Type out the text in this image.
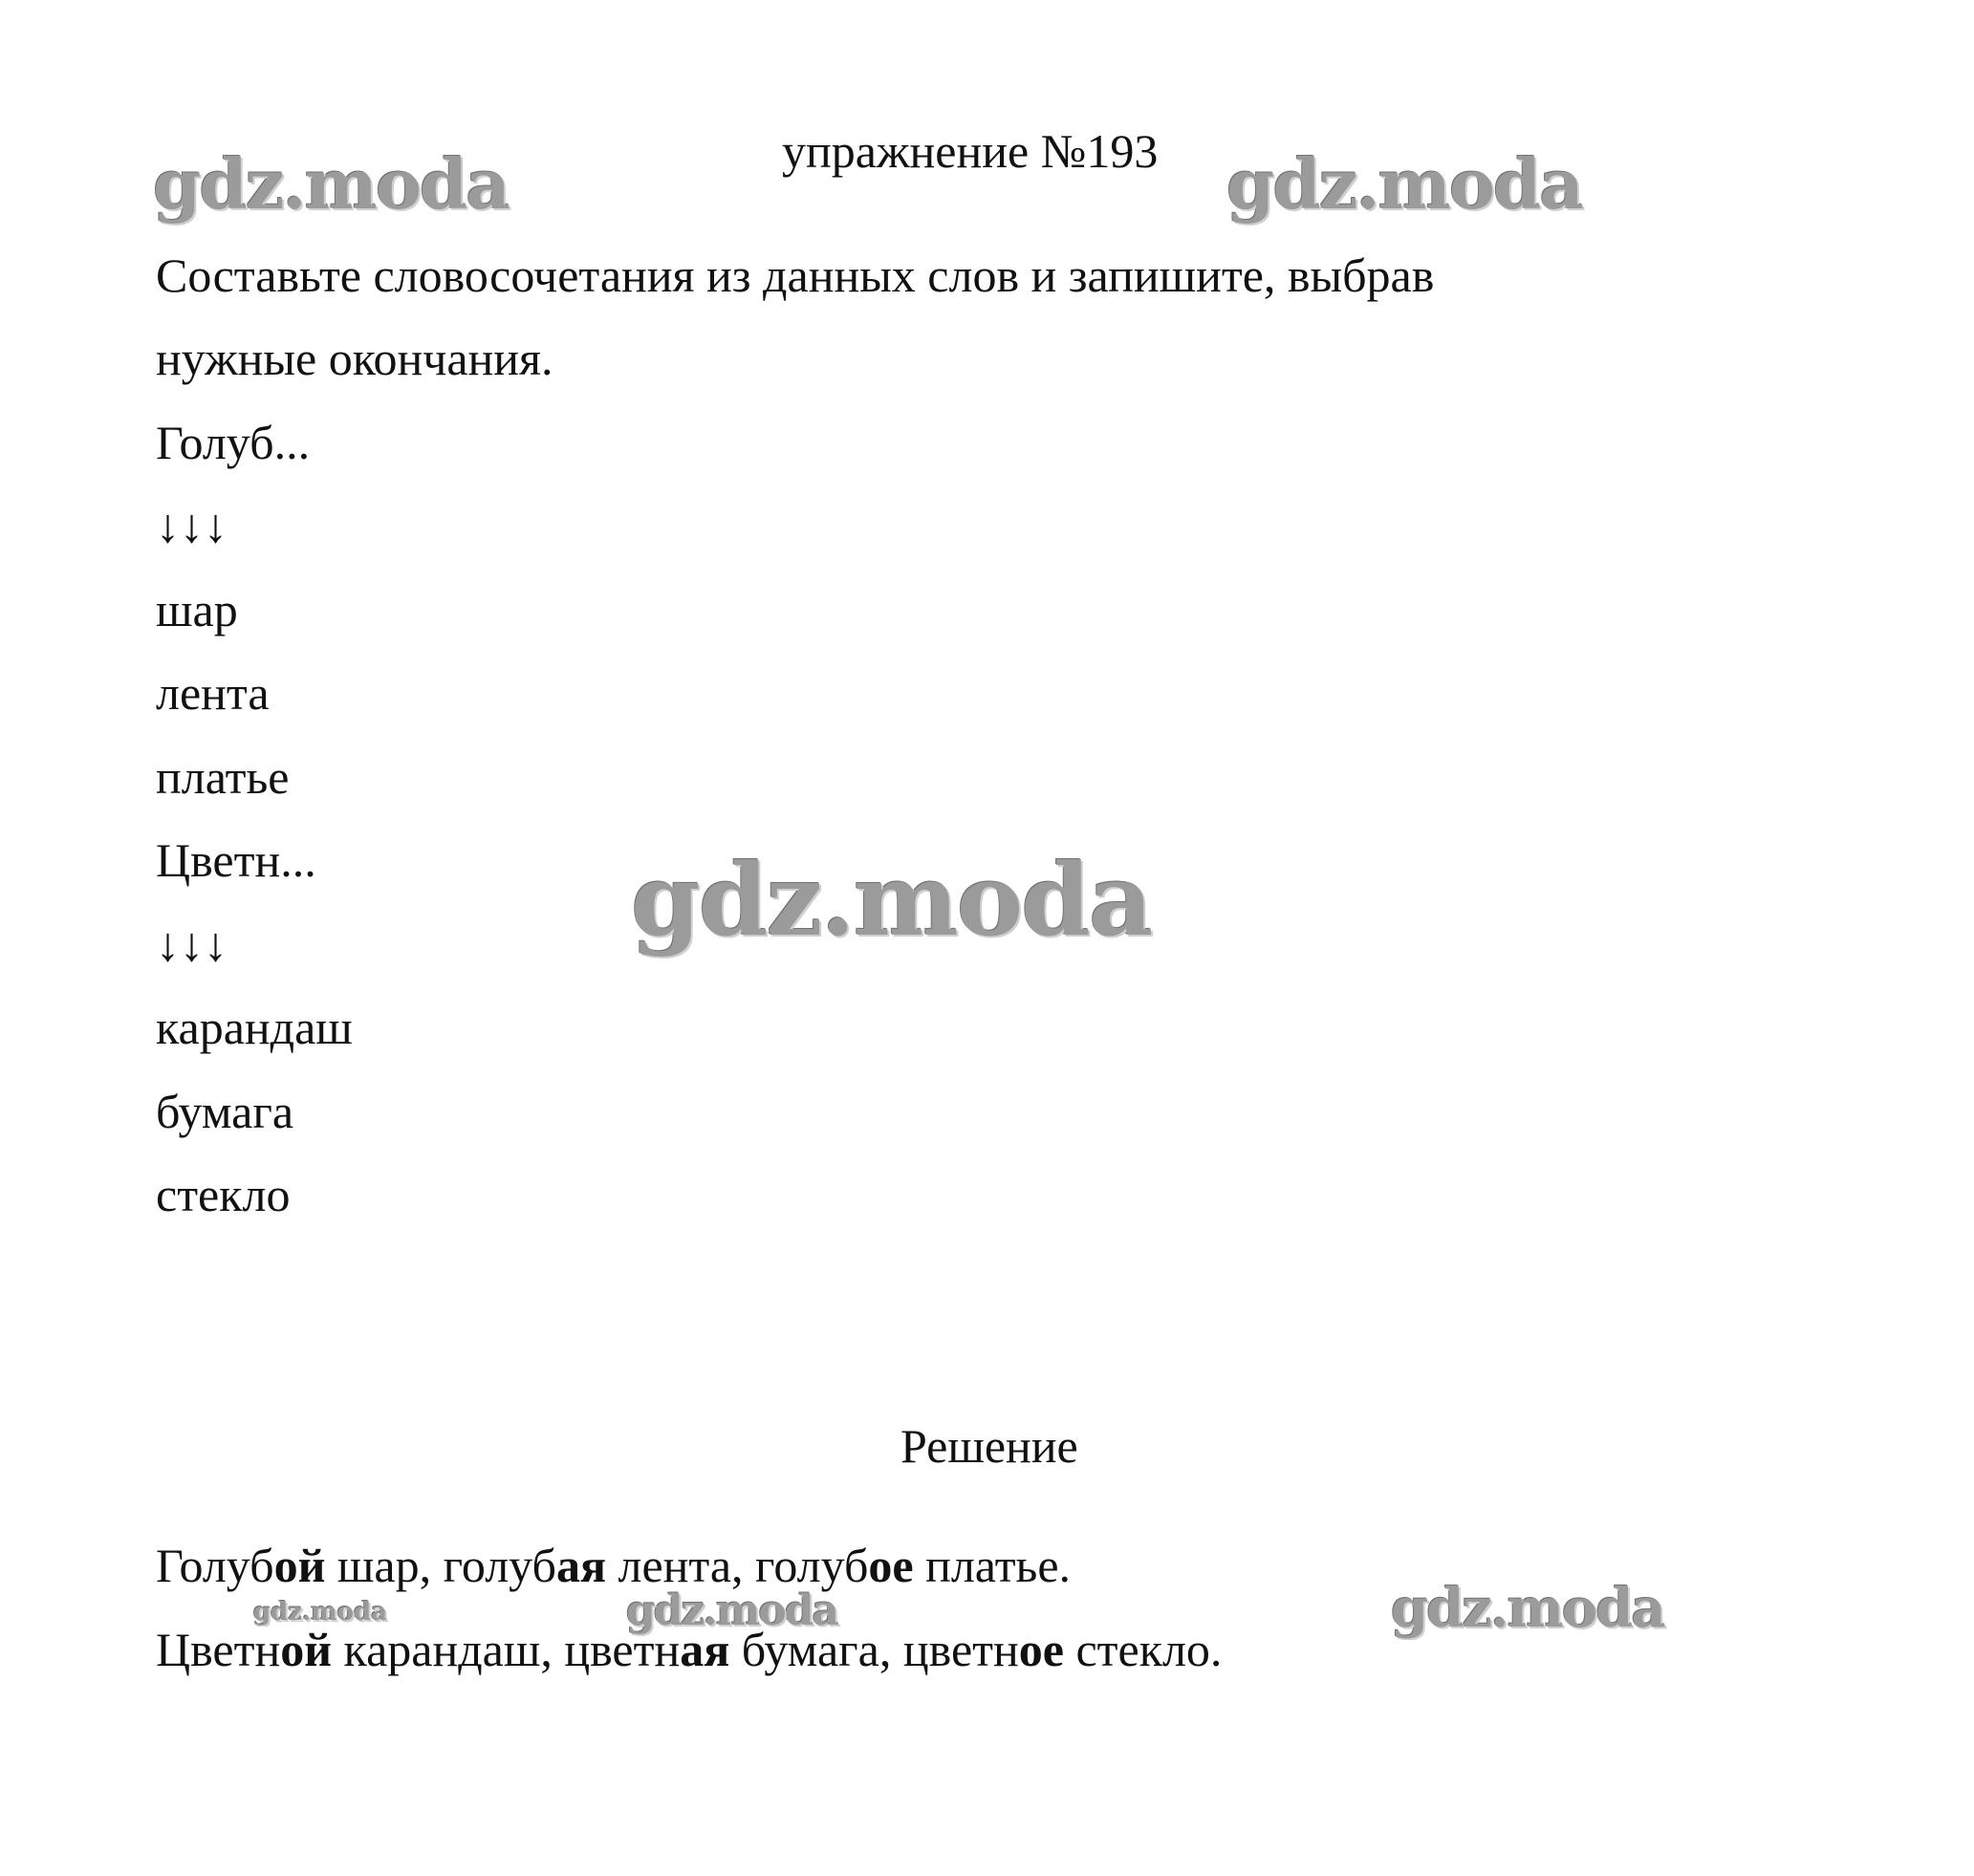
упражнение №193
Составьте словосочетания из данных слов и запишите, выбрав
нужные окончания.
Голуб...
↓↓↓
шар
лента
платье
Цветн...
↓↓↓
карандаш
бумага
стекло
Решение
Голубой шар, голубая лента, голубое платье.
Цветной карандаш, цветная бумага, цветное стекло.
gdz.moda	gdz.moda
gdz.moda
gdz.moda	gdz.moda	gdz.moda
